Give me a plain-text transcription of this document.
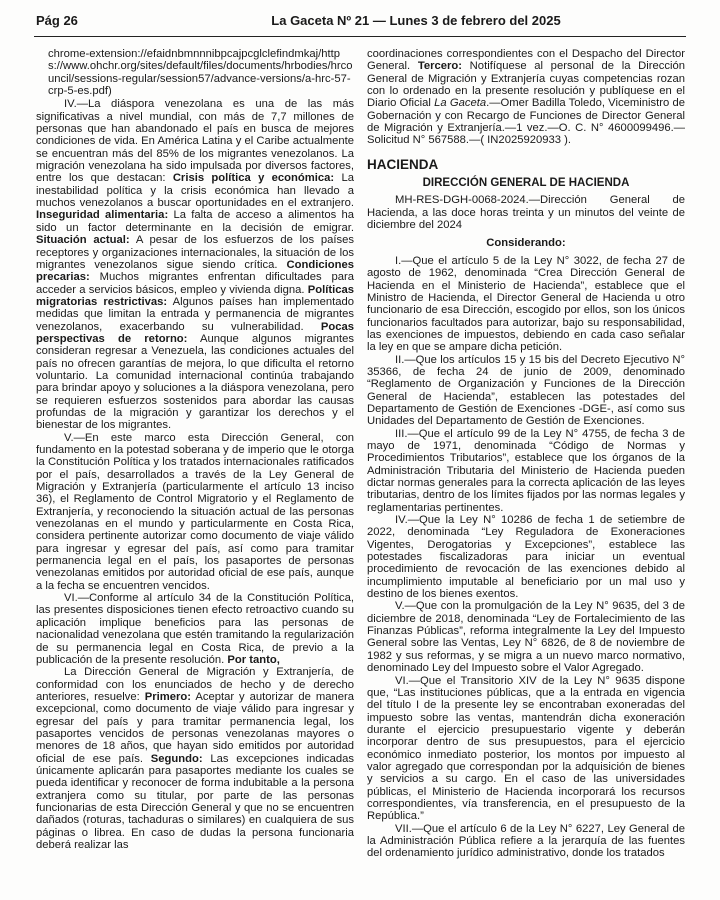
Pág 26	La Gaceta Nº 21 — Lunes 3 de febrero del 2025

chrome-extension://efaidnbmnnnibpcajpcglclefindmkaj/https://www.ohchr.org/sites/default/files/documents/hrbodies/hrcouncil/sessions-regular/session57/advance-versions/a-hrc-57-crp-5-es.pdf)

IV.—La diáspora venezolana es una de las más significativas a nivel mundial, con más de 7,7 millones de personas que han abandonado el país en busca de mejores condiciones de vida. En América Latina y el Caribe actualmente se encuentran más del 85% de los migrantes venezolanos. La migración venezolana ha sido impulsada por diversos factores, entre los que destacan: Crisis política y económica: La inestabilidad política y la crisis económica han llevado a muchos venezolanos a buscar oportunidades en el extranjero. Inseguridad alimentaria: La falta de acceso a alimentos ha sido un factor determinante en la decisión de emigrar. Situación actual: A pesar de los esfuerzos de los países receptores y organizaciones internacionales, la situación de los migrantes venezolanos sigue siendo crítica. Condiciones precarias: Muchos migrantes enfrentan dificultades para acceder a servicios básicos, empleo y vivienda digna. Políticas migratorias restrictivas: Algunos países han implementado medidas que limitan la entrada y permanencia de migrantes venezolanos, exacerbando su vulnerabilidad. Pocas perspectivas de retorno: Aunque algunos migrantes consideran regresar a Venezuela, las condiciones actuales del país no ofrecen garantías de mejora, lo que dificulta el retorno voluntario. La comunidad internacional continúa trabajando para brindar apoyo y soluciones a la diáspora venezolana, pero se requieren esfuerzos sostenidos para abordar las causas profundas de la migración y garantizar los derechos y el bienestar de los migrantes.

V.—En este marco esta Dirección General, con fundamento en la potestad soberana y de imperio que le otorga la Constitución Política y los tratados internacionales ratificados por el país, desarrollados a través de la Ley General de Migración y Extranjería (particularmente el artículo 13 inciso 36), el Reglamento de Control Migratorio y el Reglamento de Extranjería, y reconociendo la situación actual de las personas venezolanas en el mundo y particularmente en Costa Rica, considera pertinente autorizar como documento de viaje válido para ingresar y egresar del país, así como para tramitar permanencia legal en el país, los pasaportes de personas venezolanas emitidos por autoridad oficial de ese país, aunque a la fecha se encuentren vencidos.

VI.—Conforme al artículo 34 de la Constitución Política, las presentes disposiciones tienen efecto retroactivo cuando su aplicación implique beneficios para las personas de nacionalidad venezolana que estén tramitando la regularización de su permanencia legal en Costa Rica, de previo a la publicación de la presente resolución. Por tanto,

La Dirección General de Migración y Extranjería, de conformidad con los enunciados de hecho y de derecho anteriores, resuelve: Primero: Aceptar y autorizar de manera excepcional, como documento de viaje válido para ingresar y egresar del país y para tramitar permanencia legal, los pasaportes vencidos de personas venezolanas mayores o menores de 18 años, que hayan sido emitidos por autoridad oficial de ese país. Segundo: Las excepciones indicadas únicamente aplicarán para pasaportes mediante los cuales se pueda identificar y reconocer de forma indubitable a la persona extranjera como su titular, por parte de las personas funcionarias de esta Dirección General y que no se encuentren dañados (roturas, tachaduras o similares) en cualquiera de sus páginas o librea. En caso de dudas la persona funcionaria deberá realizar las

coordinaciones correspondientes con el Despacho del Director General. Tercero: Notifíquese al personal de la Dirección General de Migración y Extranjería cuyas competencias rozan con lo ordenado en la presente resolución y publíquese en el Diario Oficial La Gaceta.—Omer Badilla Toledo, Viceministro de Gobernación y con Recargo de Funciones de Director General de Migración y Extranjería.—1 vez.—O. C. N° 4600099496.—Solicitud N° 567588.—( IN2025920933 ).

HACIENDA

DIRECCIÓN GENERAL DE HACIENDA

MH-RES-DGH-0068-2024.—Dirección General de Hacienda, a las doce horas treinta y un minutos del veinte de diciembre del 2024

Considerando:

I.—Que el artículo 5 de la Ley N° 3022, de fecha 27 de agosto de 1962, denominada “Crea Dirección General de Hacienda en el Ministerio de Hacienda”, establece que el Ministro de Hacienda, el Director General de Hacienda u otro funcionario de esa Dirección, escogido por ellos, son los únicos funcionarios facultados para autorizar, bajo su responsabilidad, las exenciones de impuestos, debiendo en cada caso señalar la ley en que se ampare dicha petición.

II.—Que los artículos 15 y 15 bis del Decreto Ejecutivo N° 35366, de fecha 24 de junio de 2009, denominado “Reglamento de Organización y Funciones de la Dirección General de Hacienda”, establecen las potestades del Departamento de Gestión de Exenciones -DGE-, así como sus Unidades del Departamento de Gestión de Exenciones.

III.—Que el artículo 99 de la Ley N° 4755, de fecha 3 de mayo de 1971, denominada “Código de Normas y Procedimientos Tributarios”, establece que los órganos de la Administración Tributaria del Ministerio de Hacienda pueden dictar normas generales para la correcta aplicación de las leyes tributarias, dentro de los límites fijados por las normas legales y reglamentarias pertinentes.

IV.—Que la Ley N° 10286 de fecha 1 de setiembre de 2022, denominada “Ley Reguladora de Exoneraciones Vigentes, Derogatorias y Excepciones”, establece las potestades fiscalizadoras para iniciar un eventual procedimiento de revocación de las exenciones debido al incumplimiento imputable al beneficiario por un mal uso y destino de los bienes exentos.

V.—Que con la promulgación de la Ley N° 9635, del 3 de diciembre de 2018, denominada “Ley de Fortalecimiento de las Finanzas Públicas”, reforma integralmente la Ley del Impuesto General sobre las Ventas, Ley N° 6826, de 8 de noviembre de 1982 y sus reformas, y se migra a un nuevo marco normativo, denominado Ley del Impuesto sobre el Valor Agregado.

VI.—Que el Transitorio XIV de la Ley N° 9635 dispone que, “Las instituciones públicas, que a la entrada en vigencia del título I de la presente ley se encontraban exoneradas del impuesto sobre las ventas, mantendrán dicha exoneración durante el ejercicio presupuestario vigente y deberán incorporar dentro de sus presupuestos, para el ejercicio económico inmediato posterior, los montos por impuesto al valor agregado que correspondan por la adquisición de bienes y servicios a su cargo. En el caso de las universidades públicas, el Ministerio de Hacienda incorporará los recursos correspondientes, vía transferencia, en el presupuesto de la República.”

VII.—Que el artículo 6 de la Ley N° 6227, Ley General de la Administración Pública refiere a la jerarquía de las fuentes del ordenamiento jurídico administrativo, donde los tratados
